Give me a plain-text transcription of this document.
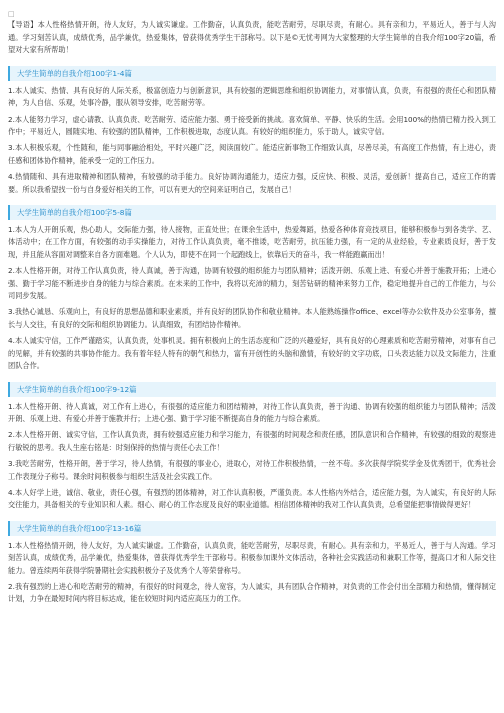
□

【导语】本人性格热情开朗，待人友好，为人诚实谦虚。工作勤奋，认真负责，能吃苦耐劳，尽职尽责，有耐心。具有亲和力，平易近人，善于与人沟通。学习刻苦认真，成绩优秀，品学兼优，热爱集体，曾获得优秀学生干部称号。以下是©无忧考网为大家整理的大学生简单的自我介绍100字20篇，希望对大家有所帮助！

大学生简单的自我介绍100字1-4篇

1.本人诚实、热情、具有良好的人际关系，极富创造力与创新意识，具有较强的逻辑思维和组织协调能力，对事情认真，负责，有很强的责任心和团队精神，为人自信、乐观，处事冷静，服从领导安排，吃苦耐劳等。

2.本人能努力学习，虚心请教、认真负责、吃苦耐劳、适应能力强、勇于接受新的挑战。喜欢简单、平静、快乐的生活。会用100%的热情已精力投入到工作中；平易近人，圆随实地、有较强的团队精神，工作积极进取，态度认真。有较好的组织能力，乐于助人，诚实守信。

3.本人积极乐观，个性随和，能与同事融洽相处，平时兴趣广泛，阅读面较广。能适应新事物工作细致认真，尽善尽美，有高度工作热情，有上进心，责任感和团体协作精神，能承受一定的工作压力。

4.热情随和、具有进取精神和团队精神，有较强的动手能力。良好协调沟通能力，适应力强，反应快、积极、灵活，爱创新！提高自己，适应工作的需要。所以我希望找一份与自身爱好相关的工作，可以有更大的空间来证明自己，发展自己！

大学生简单的自我介绍100字5-8篇

1.本人为人开朗乐观，热心助人，交际能力强，待人接物，正直处世；在课余生活中，热爱舞蹈，热爱各种体育竞技项目，能够积极参与到各类学、艺、体活动中；在工作方面，有较强的动手实操能力，对待工作认真负责，毫不推诿，吃苦耐劳，抗压能力强，有一定的从业经验，专业素质良好，善于发现，并且能从容面对调整来自各方面难题。个人认为，即使不在同一个起跑线上，依靠后天的奋斗，我一样能跑赢而出！

2.本人性格开朗，对待工作认真负责，待人真诚，善于沟通，协调有较强的组织能力与团队精神；活泼开朗、乐观上进、有爱心并善于施教开拓；上进心强、勤于学习能不断进步自身的能力与综合素质。在未来的工作中，我将以充沛的精力，刻苦钻研的精神来努力工作，稳定地提升自己的工作能力，与公司同步发展。

3.我热心诚恳、乐观向上，有良好的思想品德和职业素质，并有良好的团队协作和敬业精神。本人能熟练操作office、excel等办公软件及办公室事务，擅长与人交往，有良好的交际和组织协调能力。认真细致，有团结协作精神。

4.本人诚实守信，工作严谨踏实，认真负责，处事机灵。拥有积极向上的生活态度和广泛的兴趣爱好，具有良好的心理素质和吃苦耐劳精神，对事有自己的见解，并有较强的共事协作能力。我有着年轻人特有的朝气和热力，富有开创性的头脑和激情，有较好的文字功底，口头表达能力以及文际能力，注重团队合作。

大学生简单的自我介绍100字9-12篇

1.本人性格开朗、待人真诚，对工作有上进心，有很强的适应能力和团结精神，对待工作认真负责，善于沟通、协调有较强的组织能力与团队精神；活泼开朗、乐观上进、有爱心并善于施教并行；上进心强、勤于学习能不断提高自身的能力与综合素质。

2.本人性格开朗、诚实守信，工作认真负责，拥有较强适应能力和学习能力，有很强的时间观念和责任感，团队意识和合作精神，有较强的细致的观察进行敏锐的思考。我人生座右铭是：时刻保持的热情与责任心去工作！

3.我吃苦耐劳，性格开朗，善于学习，待人热情，有很强的事业心，进取心，对待工作积极热情，一丝不苟。多次获得学院奖学金及优秀团干，优秀社会工作表现分子称号。课余时间积极参与组织生活及社会实践工作。

4.本人好学上进，诚信、敬业，责任心强，有强烈的团体精神，对工作认真积极，严谨负责。本人性格内外结合，适应能力强，为人诚实，有良好的人际交往能力，具备相关的专业知识和人素。细心、耐心的工作态度及良好的职业道德。相信团体精神的我对工作认真负责，总希望能把事情做得更好！

大学生简单的自我介绍100字13-16篇

1.本人性格热情开朗，待人友好，为人诚实谦虚。工作勤奋，认真负责，能吃苦耐劳，尽职尽责，有耐心。具有亲和力，平易近人，善于与人沟通。学习刻苦认真，成绩优秀，品学兼优，热爱集体，曾获得优秀学生干部称号。积极参加课外文体活动，各种社会实践活动和兼职工作等，提高口才和人际交往能力。曾连续两年获得学院暑期社会实践积极分子及优秀个人等荣誉称号。

2.我有强烈的上进心和吃苦耐劳的精神，有很好的时间观念，待人宽容，为人诚实，具有团队合作精神，对负责的工作会付出全部精力和热情，懂得制定计划，力争在最短时间内将目标达成，能在较短时间内适应高压力的工作。
